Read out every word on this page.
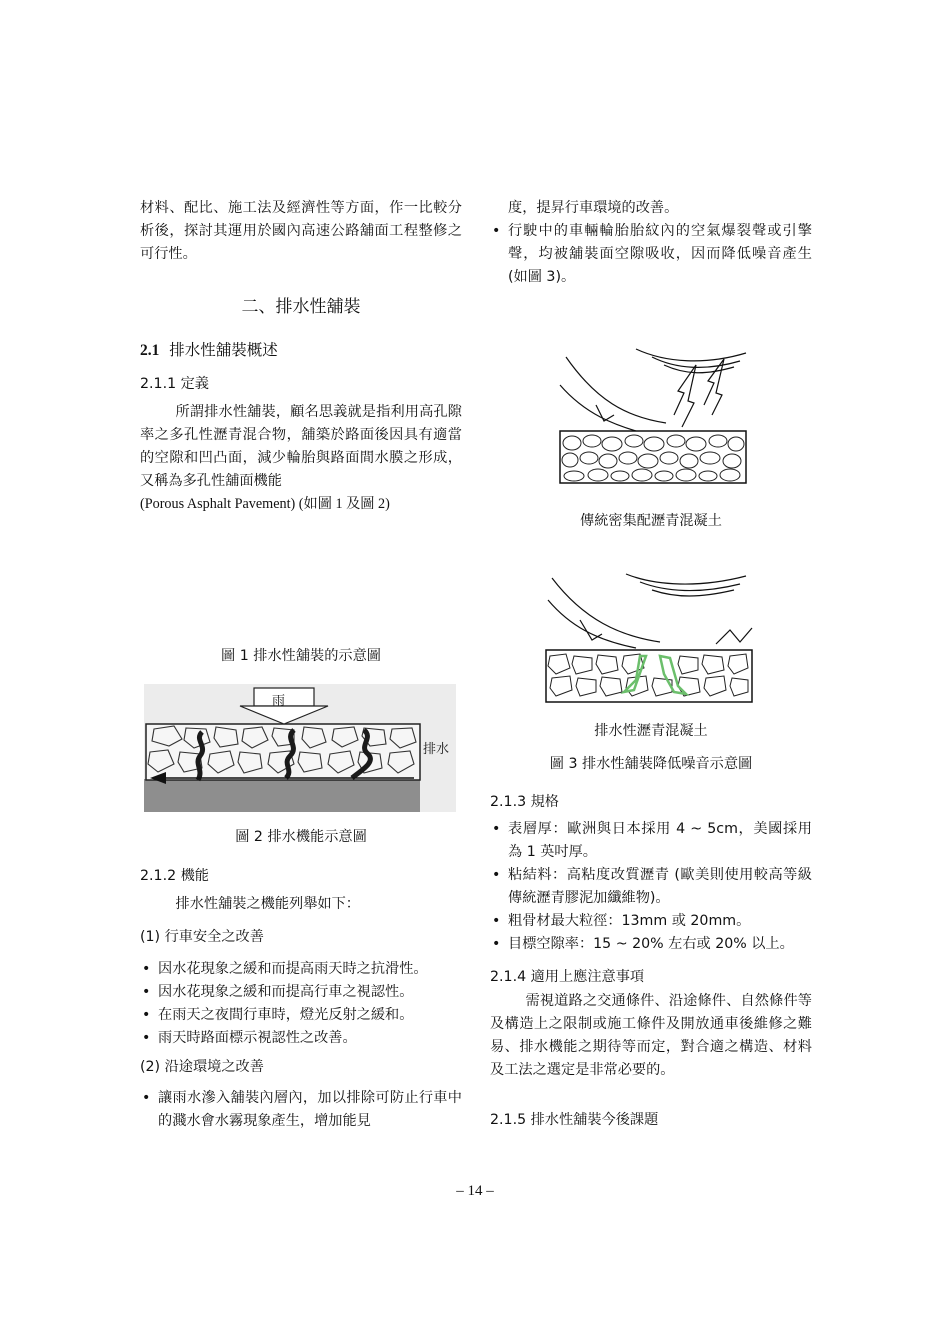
材料、配比、施工法及經濟性等方面，作一比較分析後，探討其運用於國內高速公路舖面工程整修之可行性。

二、排水性舖裝
2.1 排水性舖裝概述
2.1.1 定義

所謂排水性舖裝，顧名思義就是指利用高孔隙率之多孔性瀝青混合物，舖築於路面後因具有適當的空隙和凹凸面，減少輪胎與路面間水膜之形成，又稱為多孔性舖面機能

(Porous Asphalt Pavement) (如圖 1 及圖 2)

圖 1 排水性舖裝的示意圖
雨
排水
圖 2 排水機能示意圖
2.1.2 機能
排水性舖裝之機能列舉如下：
(1) 行車安全之改善
• 因水花現象之緩和而提高雨天時之抗滑性。
• 因水花現象之緩和而提高行車之視認性。
• 在雨天之夜間行車時，燈光反射之緩和。
• 雨天時路面標示視認性之改善。
(2) 沿途環境之改善
• 讓雨水滲入舖裝內層內，加以排除可防止行車中的濺水會水霧現象產生，增加能見

度，提昇行車環境的改善。

• 行駛中的車輛輪胎胎紋內的空氣爆裂聲或引擎聲，均被舖裝面空隙吸收，因而降低噪音產生 (如圖 3)。
傳統密集配瀝青混凝土
排水性瀝青混凝土
圖 3 排水性舖裝降低噪音示意圖
2.1.3 規格
• 表層厚：歐洲與日本採用 4 ~ 5cm，美國採用為 1 英吋厚。
• 粘結料：高粘度改質瀝青 (歐美則使用較高等級傳統瀝青膠泥加纖維物)。
• 粗骨材最大粒徑：13mm 或 20mm。
• 目標空隙率：15 ~ 20% 左右或 20% 以上。
2.1.4 適用上應注意事項

需視道路之交通條件、沿途條件、自然條件等及構造上之限制或施工條件及開放通車後維修之難易、排水機能之期待等而定，對合適之構造、材料及工法之選定是非常必要的。

2.1.5 排水性舖裝今後課題
– 14 –
